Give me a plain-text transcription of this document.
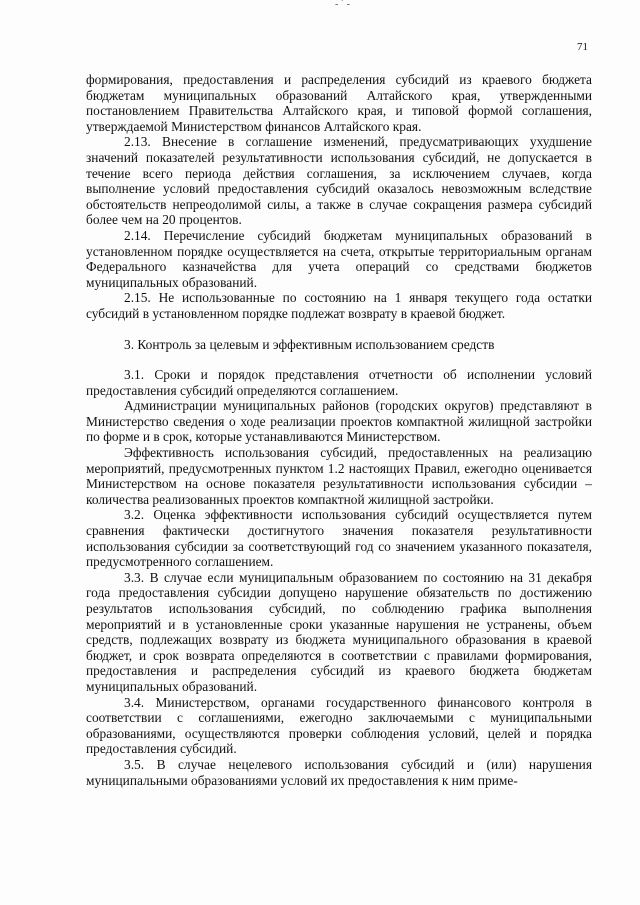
- ˊ -
71

формирования, предоставления и распределения субсидий из краевого бюджета бюджетам муниципальных образований Алтайского края, утвержденными постановлением Правительства Алтайского края, и типовой формой соглашения, утверждаемой Министерством финансов Алтайского края.

2.13. Внесение в соглашение изменений, предусматривающих ухудшение значений показателей результативности использования субсидий, не допускается в течение всего периода действия соглашения, за исключением случаев, когда выполнение условий предоставления субсидий оказалось невозможным вследствие обстоятельств непреодолимой силы, а также в случае сокращения размера субсидий более чем на 20 процентов.

2.14. Перечисление субсидий бюджетам муниципальных образований в установленном порядке осуществляется на счета, открытые территориальным органам Федерального казначейства для учета операций со средствами бюджетов муниципальных образований.

2.15. Не использованные по состоянию на 1 января текущего года остатки субсидий в установленном порядке подлежат возврату в краевой бюджет.

3. Контроль за целевым и эффективным использованием средств

3.1. Сроки и порядок представления отчетности об исполнении условий предоставления субсидий определяются соглашением.

Администрации муниципальных районов (городских округов) представляют в Министерство сведения о ходе реализации проектов компактной жилищной застройки по форме и в срок, которые устанавливаются Министерством.

Эффективность использования субсидий, предоставленных на реализацию мероприятий, предусмотренных пунктом 1.2 настоящих Правил, ежегодно оценивается Министерством на основе показателя результативности использования субсидии – количества реализованных проектов компактной жилищной застройки.

3.2. Оценка эффективности использования субсидий осуществляется путем сравнения фактически достигнутого значения показателя результативности использования субсидии за соответствующий год со значением указанного показателя, предусмотренного соглашением.

3.3. В случае если муниципальным образованием по состоянию на 31 декабря года предоставления субсидии допущено нарушение обязательств по достижению результатов использования субсидий, по соблюдению графика выполнения мероприятий и в установленные сроки указанные нарушения не устранены, объем средств, подлежащих возврату из бюджета муниципального образования в краевой бюджет, и срок возврата определяются в соответствии с правилами формирования, предоставления и распределения субсидий из краевого бюджета бюджетам муниципальных образований.

3.4. Министерством, органами государственного финансового контроля в соответствии с соглашениями, ежегодно заключаемыми с муниципальными образованиями, осуществляются проверки соблюдения условий, целей и порядка предоставления субсидий.

3.5. В случае нецелевого использования субсидий и (или) нарушения муниципальными образованиями условий их предоставления к ним приме-
